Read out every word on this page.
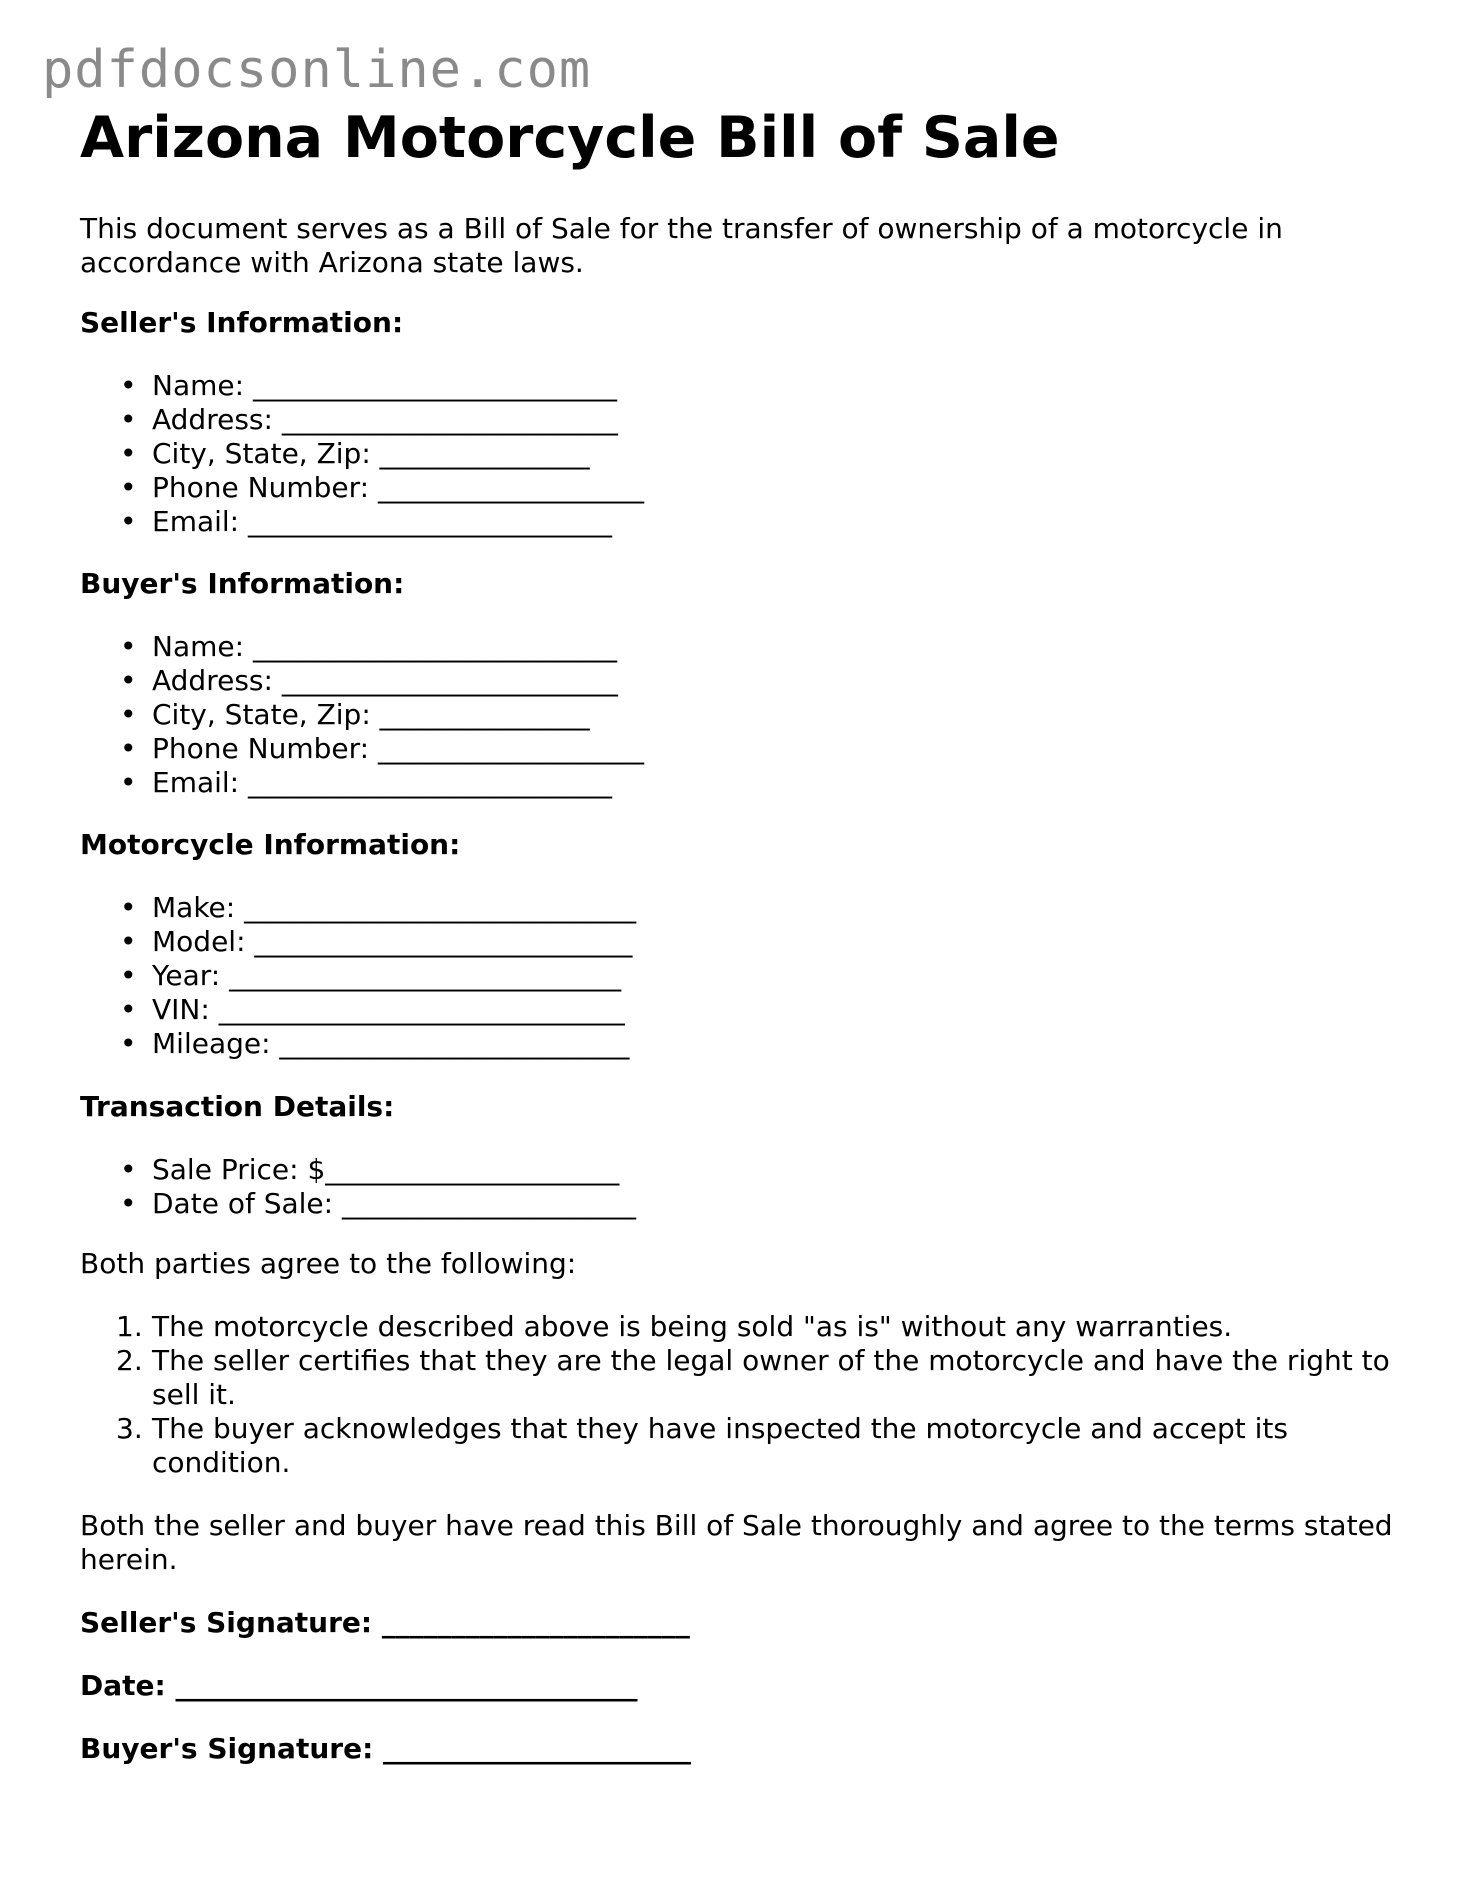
pdfdocsonline.com
Arizona Motorcycle Bill of Sale

This document serves as a Bill of Sale for the transfer of ownership of a motorcycle in accordance with Arizona state laws.

Seller's Information:
• Name: __________________________
• Address: ________________________
• City, State, Zip: _______________
• Phone Number: ___________________
• Email: __________________________
Buyer's Information:
• Name: __________________________
• Address: ________________________
• City, State, Zip: _______________
• Phone Number: ___________________
• Email: __________________________
Motorcycle Information:
• Make: ____________________________
• Model: ___________________________
• Year: ____________________________
• VIN: _____________________________
• Mileage: _________________________
Transaction Details:
• Sale Price: $_____________________
• Date of Sale: _____________________

Both parties agree to the following:

1. The motorcycle described above is being sold "as is" without any warranties.
2. The seller certifies that they are the legal owner of the motorcycle and have the right to sell it.
3. The buyer acknowledges that they have inspected the motorcycle and accept its condition.

Both the seller and buyer have read this Bill of Sale thoroughly and agree to the terms stated herein.

Seller's Signature: ______________________
Date: _________________________________
Buyer's Signature: ______________________
